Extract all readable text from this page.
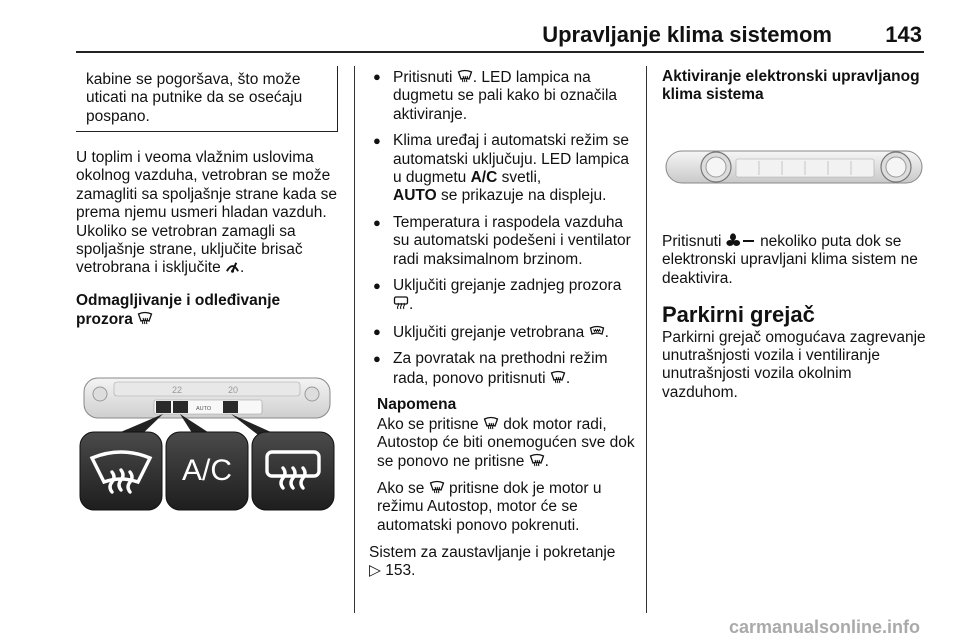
Upravljanje klima sistemom 143
kabine se pogoršava, što može uticati na putnike da se osećaju pospano.

U toplim i veoma vlažnim uslovima okolnog vazduha, vetrobran se može zamagliti sa spoljašnje strane kada se prema njemu usmeri hladan vazduh. Ukoliko se vetrobran zamagli sa spoljašnje strane, uključite brisač vetrobrana i isključite .

Odmagljivanje i odleđivanje
prozora

22	20
AUTO
A/C
● Pritisnuti . LED lampica na dugmetu se pali kako bi označila aktiviranje.
● Klima uređaj i automatski režim se automatski uključuju. LED lampica u dugmetu A/C svetli,
AUTO se prikazuje na displeju.
● Temperatura i raspodela vazduha su automatski podešeni i ventilator radi maksimalnom brzinom.
● Uključiti grejanje zadnjeg prozora .
● Uključiti grejanje vetrobrana .
● Za povratak na prethodni režim rada, ponovo pritisnuti .

Napomena

Ako se pritisne dok motor radi, Autostop će biti onemogućen sve dok se ponovo ne pritisne .

Ako se pritisne dok je motor u režimu Autostop, motor će se automatski ponovo pokrenuti.

Sistem za zaustavljanje i pokretanje
▷ 153.

Aktiviranje elektronski upravljanog klima sistema

Pritisnuti nekoliko puta dok se elektronski upravljani klima sistem ne deaktivira.

Parkirni grejač

Parkirni grejač omogućava zagrevanje unutrašnjosti vozila i ventiliranje unutrašnjosti vozila okolnim vazduhom.

carmanualsonline.info
